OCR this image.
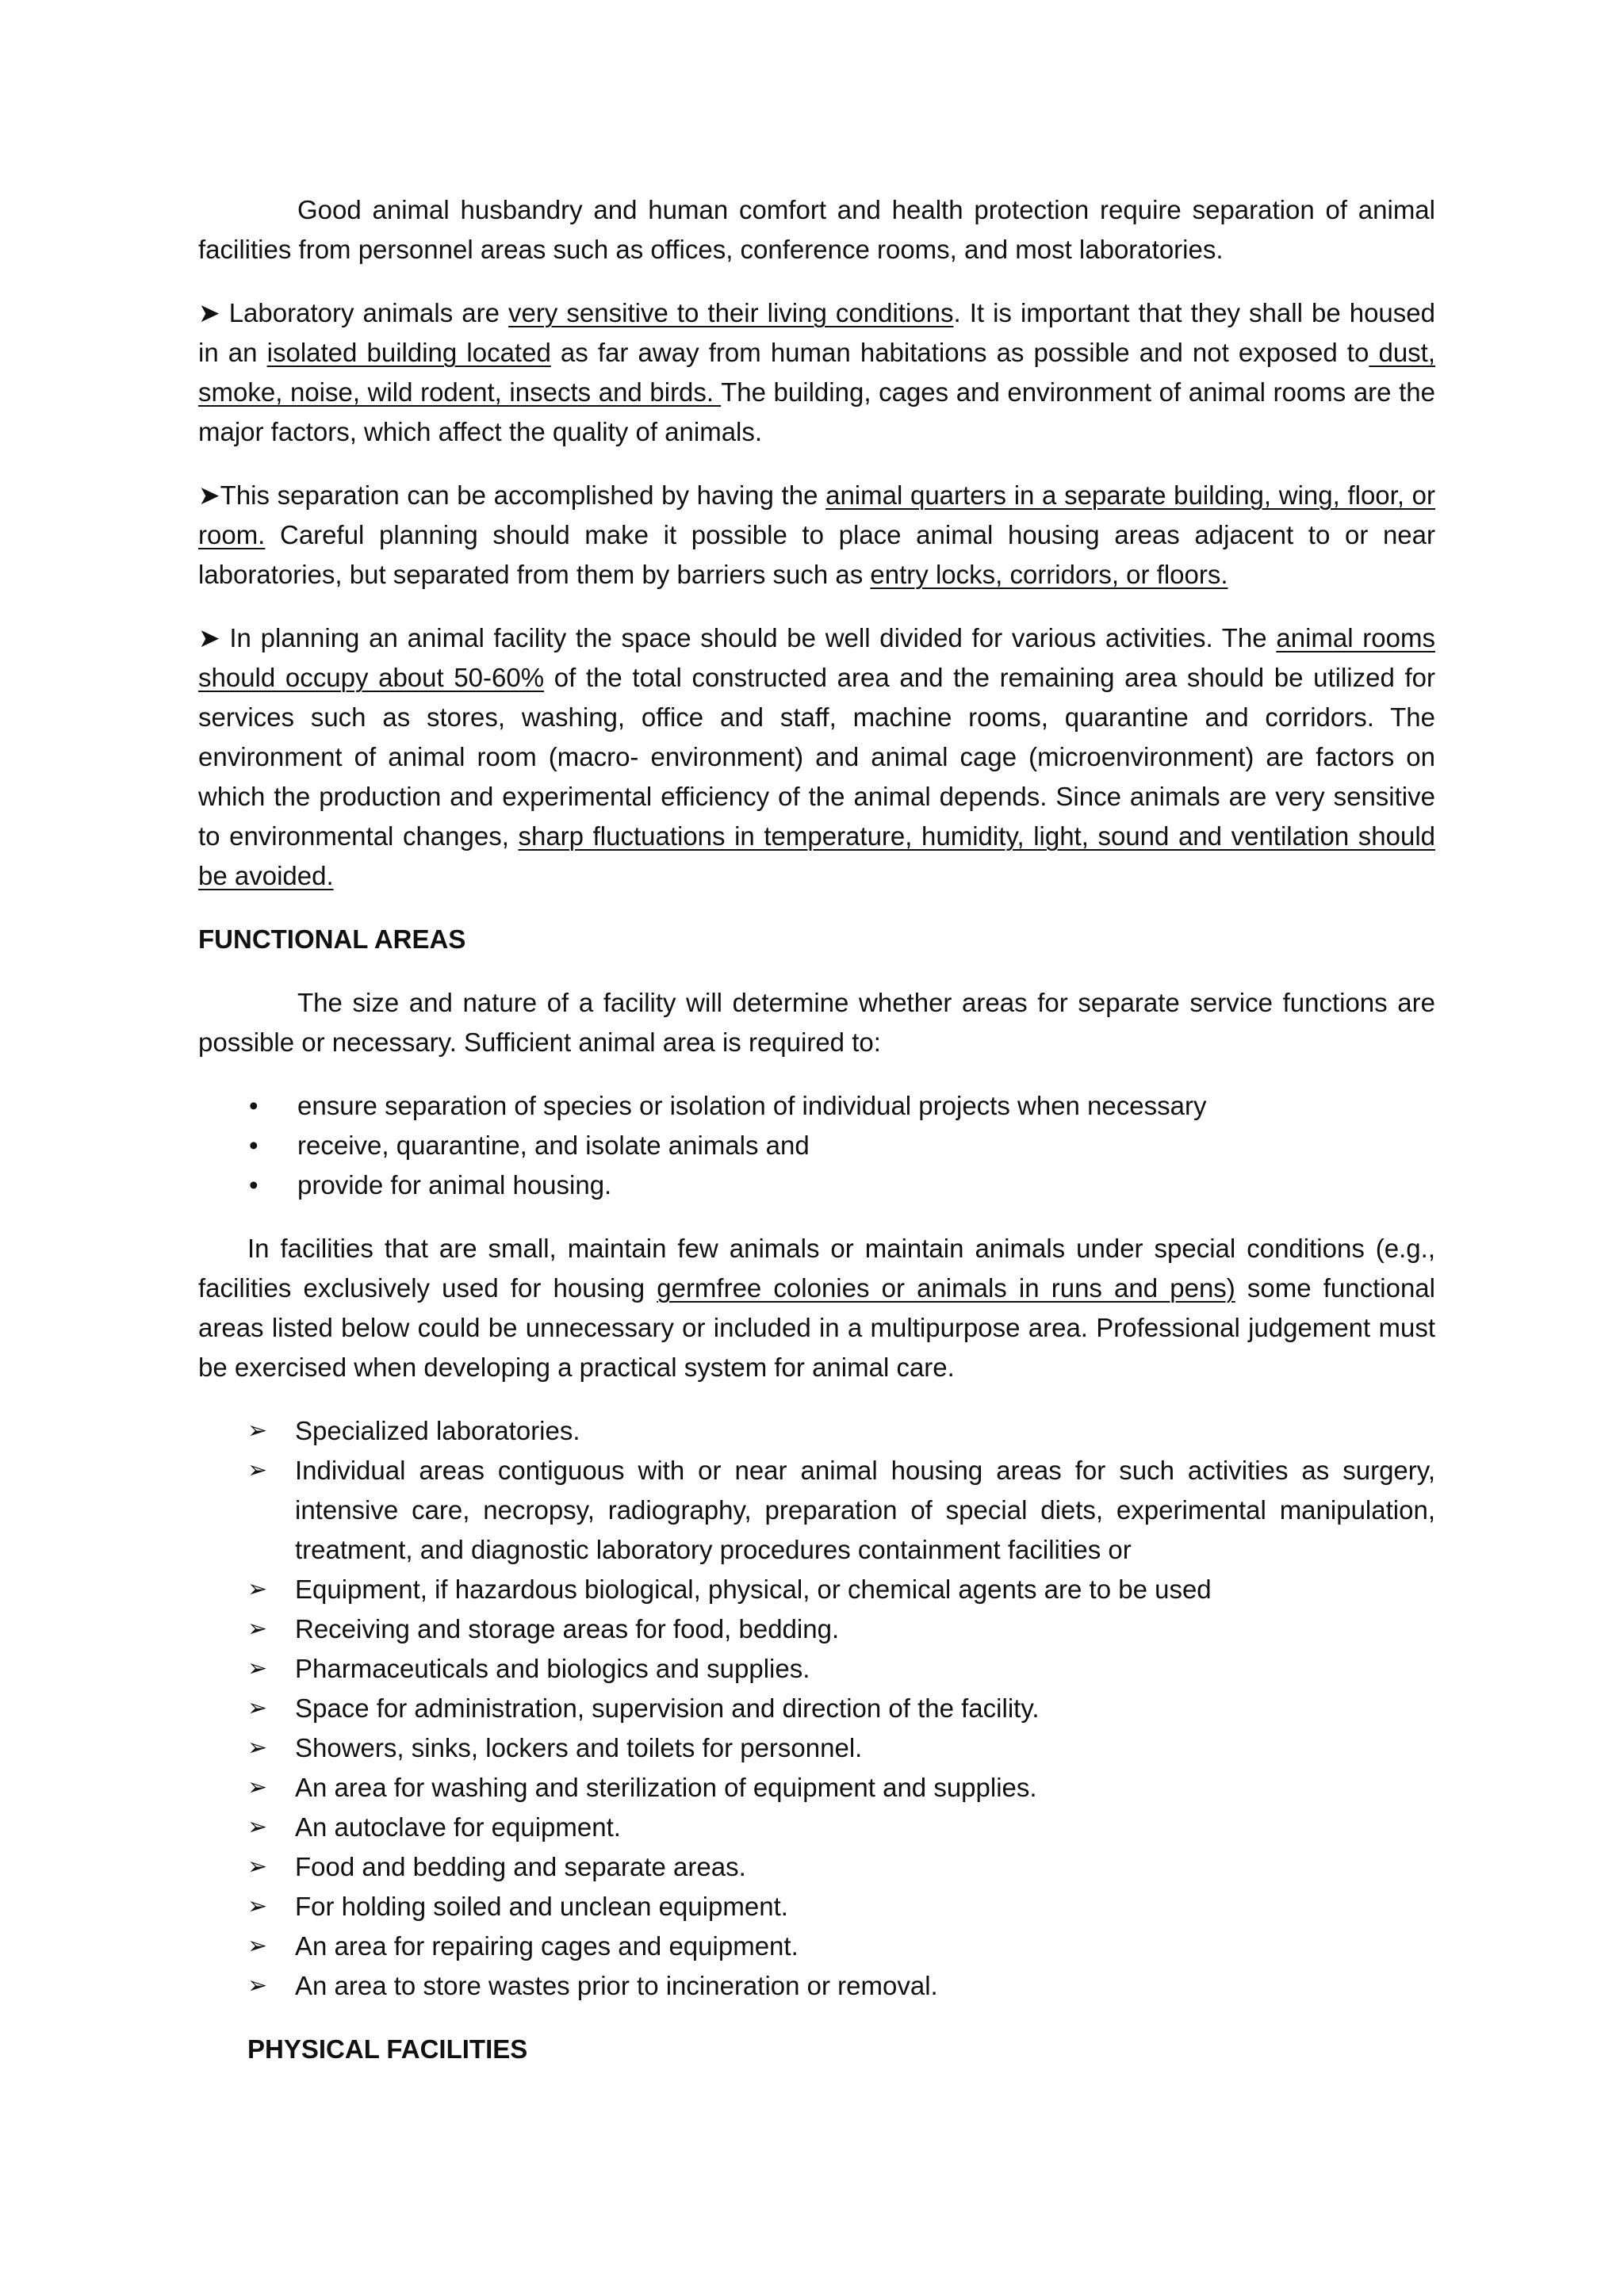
Good animal husbandry and human comfort and health protection require separation of animal facilities from personnel areas such as offices, conference rooms, and most laboratories.

➤ Laboratory animals are very sensitive to their living conditions. It is important that they shall be housed in an isolated building located as far away from human habitations as possible and not exposed to dust, smoke, noise, wild rodent, insects and birds. The building, cages and environment of animal rooms are the major factors, which affect the quality of animals.

➤This separation can be accomplished by having the animal quarters in a separate building, wing, floor, or room. Careful planning should make it possible to place animal housing areas adjacent to or near laboratories, but separated from them by barriers such as entry locks, corridors, or floors.

➤ In planning an animal facility the space should be well divided for various activities. The animal rooms should occupy about 50-60% of the total constructed area and the remaining area should be utilized for services such as stores, washing, office and staff, machine rooms, quarantine and corridors. The environment of animal room (macro- environment) and animal cage (microenvironment) are factors on which the production and experimental efficiency of the animal depends. Since animals are very sensitive to environmental changes, sharp fluctuations in temperature, humidity, light, sound and ventilation should be avoided.

FUNCTIONAL AREAS

The size and nature of a facility will determine whether areas for separate service functions are possible or necessary. Sufficient animal area is required to:

• ensure separation of species or isolation of individual projects when necessary
• receive, quarantine, and isolate animals and
• provide for animal housing.

In facilities that are small, maintain few animals or maintain animals under special conditions (e.g., facilities exclusively used for housing germfree colonies or animals in runs and pens) some functional areas listed below could be unnecessary or included in a multipurpose area. Professional judgement must be exercised when developing a practical system for animal care.

➢ Specialized laboratories.
➢ Individual areas contiguous with or near animal housing areas for such activities as surgery, intensive care, necropsy, radiography, preparation of special diets, experimental manipulation, treatment, and diagnostic laboratory procedures containment facilities or
➢ Equipment, if hazardous biological, physical, or chemical agents are to be used
➢ Receiving and storage areas for food, bedding.
➢ Pharmaceuticals and biologics and supplies.
➢ Space for administration, supervision and direction of the facility.
➢ Showers, sinks, lockers and toilets for personnel.
➢ An area for washing and sterilization of equipment and supplies.
➢ An autoclave for equipment.
➢ Food and bedding and separate areas.
➢ For holding soiled and unclean equipment.
➢ An area for repairing cages and equipment.
➢ An area to store wastes prior to incineration or removal.
PHYSICAL FACILITIES
